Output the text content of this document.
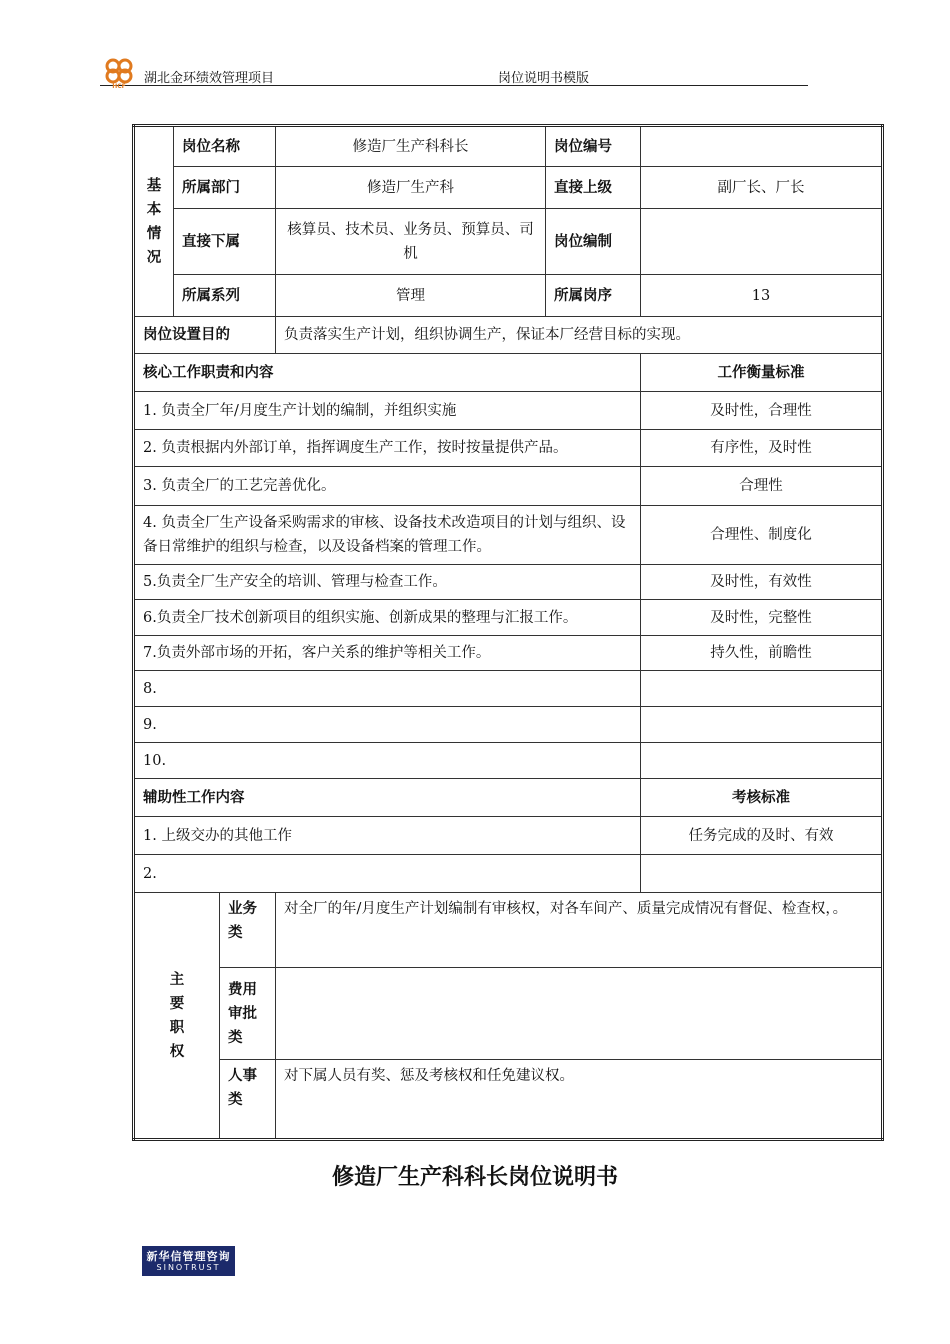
HCF
湖北金环绩效管理项目	岗位说明书模版
基
本
情
况	岗位名称		修造厂生产科科长	岗位编号	
	所属部门		修造厂生产科	直接上级	副厂长、厂长
	直接下属		核算员、技术员、业务员、预算员、司机	岗位编制	
	所属系列		管理	所属岗序	13
岗位设置目的			负责落实生产计划，组织协调生产，保证本厂经营目标的实现。		
核心工作职责和内容					工作衡量标准
1. 负责全厂年/月度生产计划的编制，并组织实施					及时性，合理性
2. 负责根据内外部订单，指挥调度生产工作，按时按量提供产品。					有序性，及时性
3. 负责全厂的工艺完善优化。					合理性
4. 负责全厂生产设备采购需求的审核、设备技术改造项目的计划与组织、设备日常维护的组织与检查，以及设备档案的管理工作。					合理性、制度化
5.负责全厂生产安全的培训、管理与检查工作。					及时性，有效性
6.负责全厂技术创新项目的组织实施、创新成果的整理与汇报工作。					及时性，完整性
7.负责外部市场的开拓，客户关系的维护等相关工作。					持久性，前瞻性
8.					
9.					
10.					
辅助性工作内容					考核标准
1. 上级交办的其他工作					任务完成的及时、有效
2.					

主
要
职
权		业务类	对全厂的年/月度生产计划编制有审核权，对各车间产、质量完成情况有督促、检查权，。		
		费用审批类			
		人事类	对下属人员有奖、惩及考核权和任免建议权。		
修造厂生产科科长岗位说明书
新华信管理咨询
SINOTRUST
